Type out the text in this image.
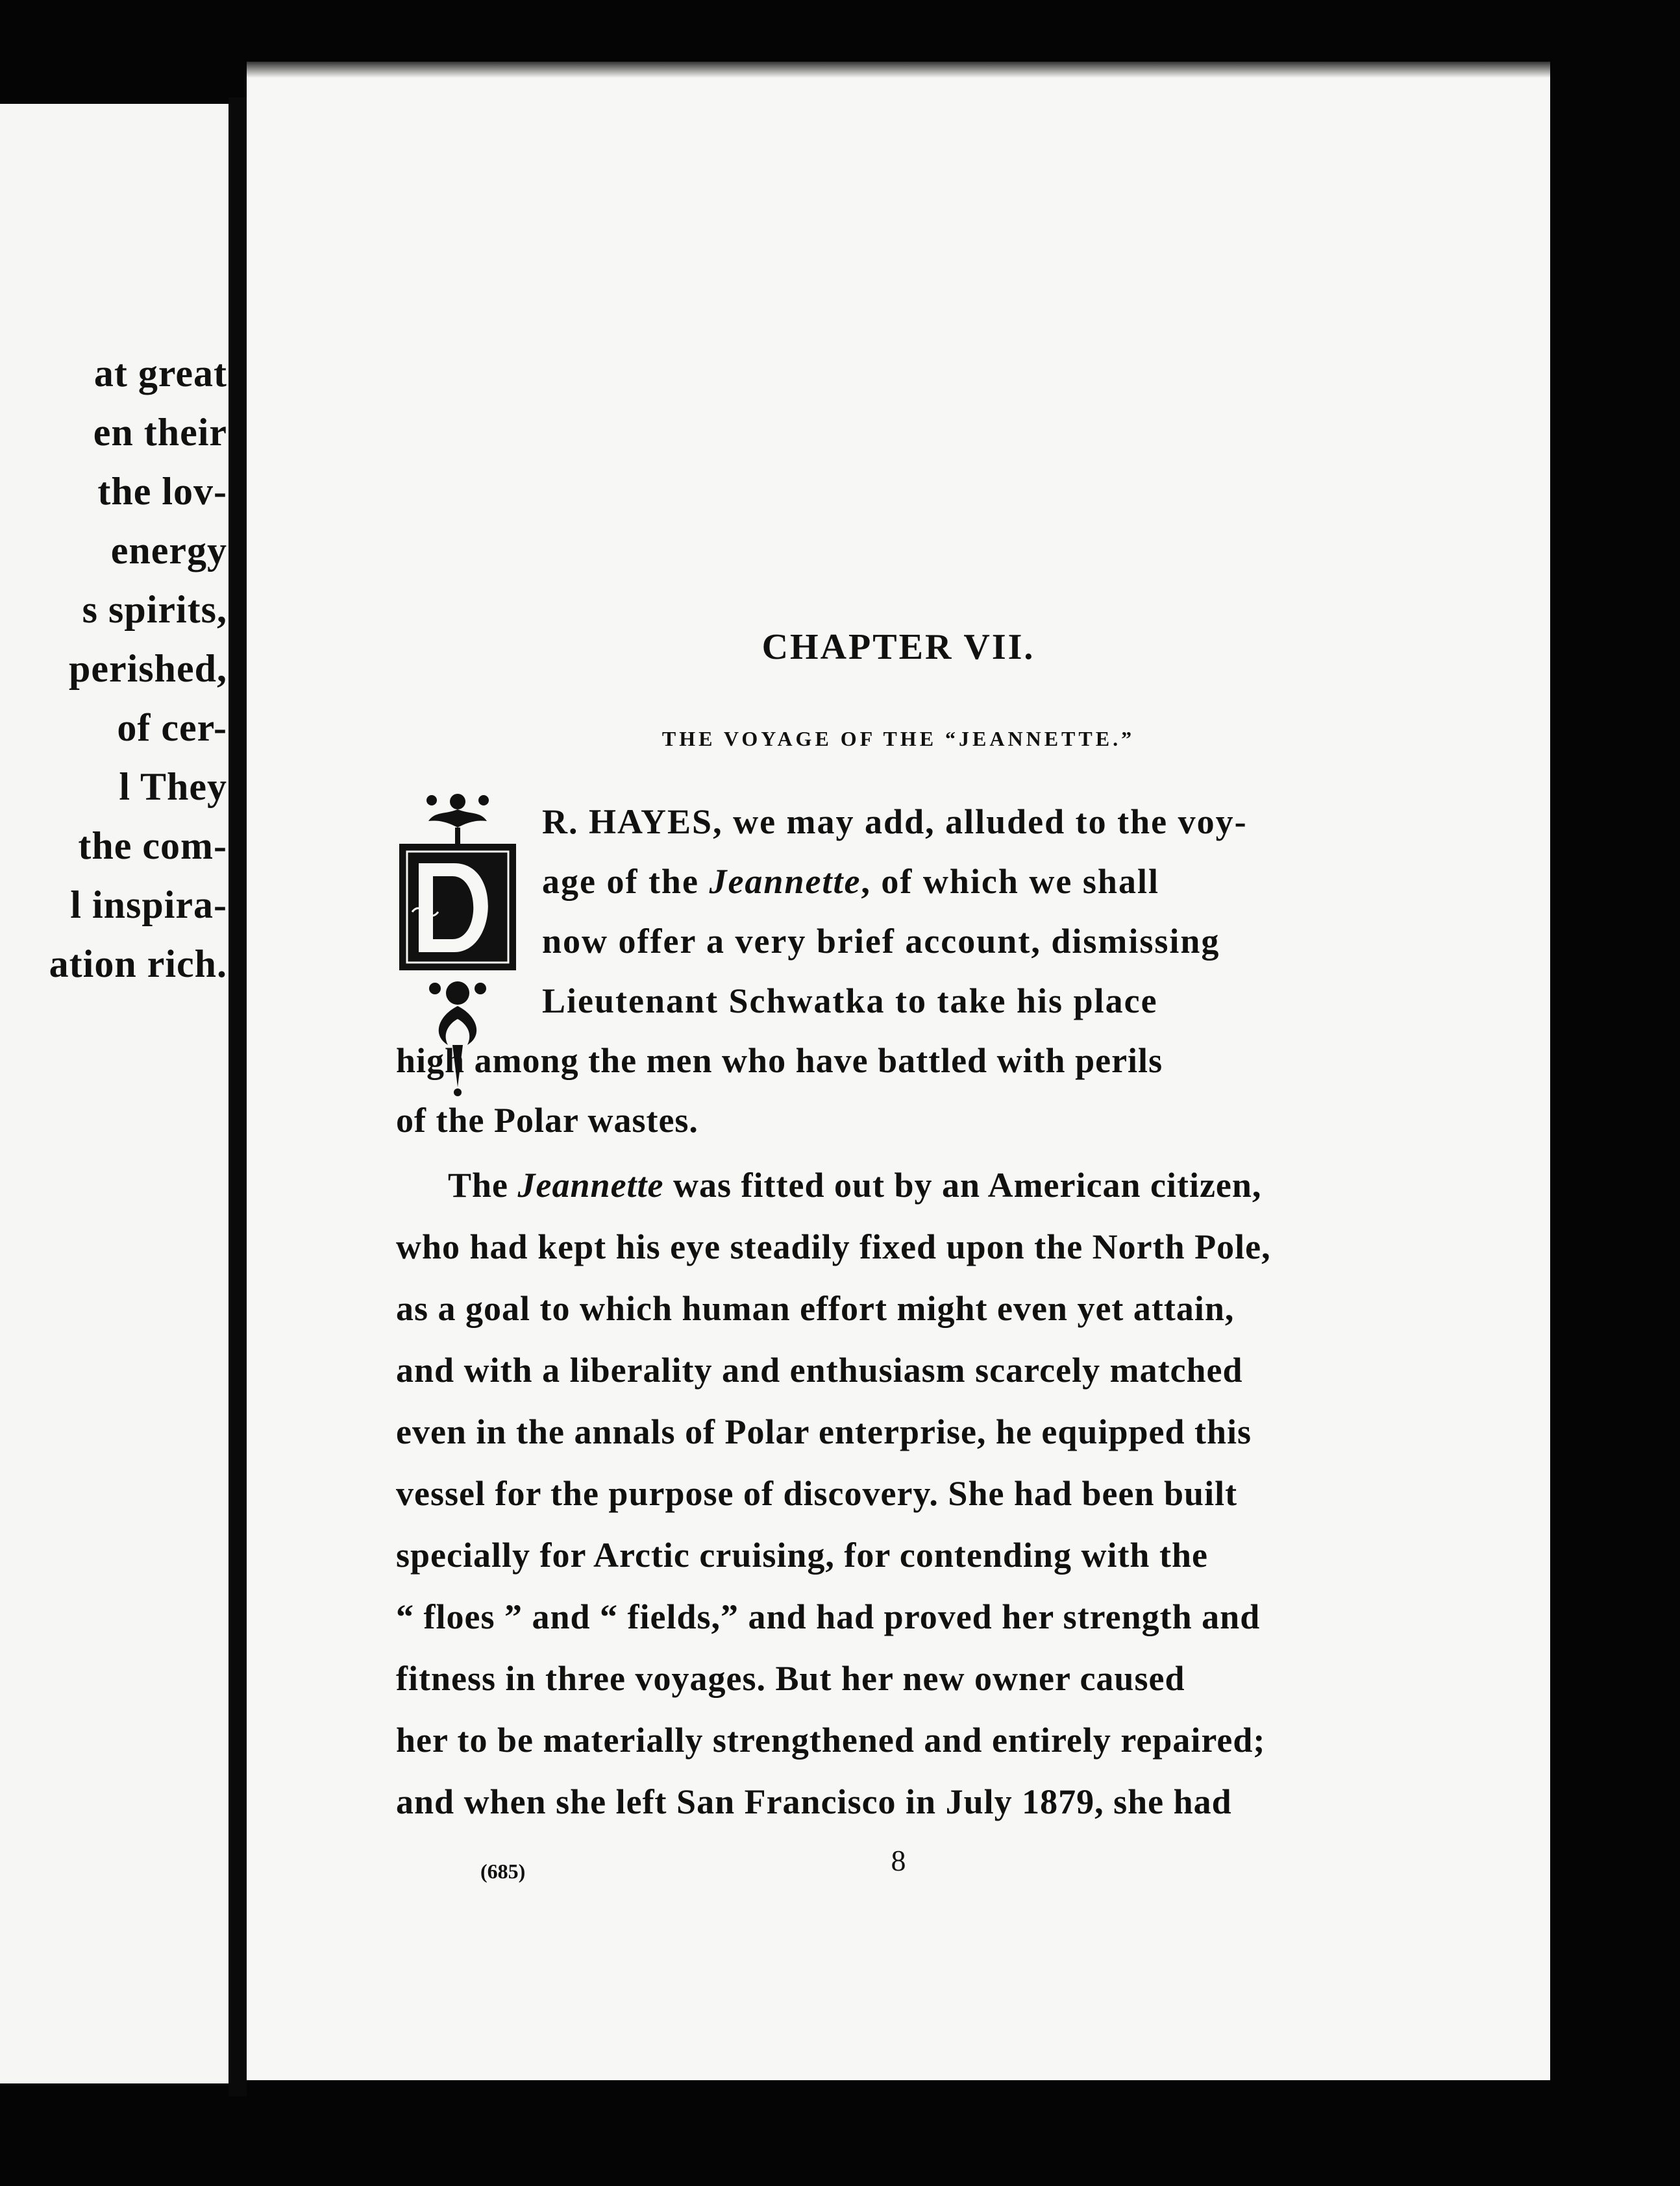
at great
en their
the lov-
energy
s spirits,
perished,
of cer-
l They
the com-
l inspira-
ation rich.
CHAPTER VII.
THE VOYAGE OF THE “JEANNETTE.”
D
R. HAYES, we may add, alluded to the voy-
age of the Jeannette, of which we shall
now offer a very brief account, dismissing
Lieutenant Schwatka to take his place
high among the men who have battled with perils
of the Polar wastes.
The Jeannette was fitted out by an American citizen,
who had kept his eye steadily fixed upon the North Pole,
as a goal to which human effort might even yet attain,
and with a liberality and enthusiasm scarcely matched
even in the annals of Polar enterprise, he equipped this
vessel for the purpose of discovery. She had been built
specially for Arctic cruising, for contending with the
“ floes ” and “ fields,” and had proved her strength and
fitness in three voyages. But her new owner caused
her to be materially strengthened and entirely repaired;
and when she left San Francisco in July 1879, she had
(685)	8
